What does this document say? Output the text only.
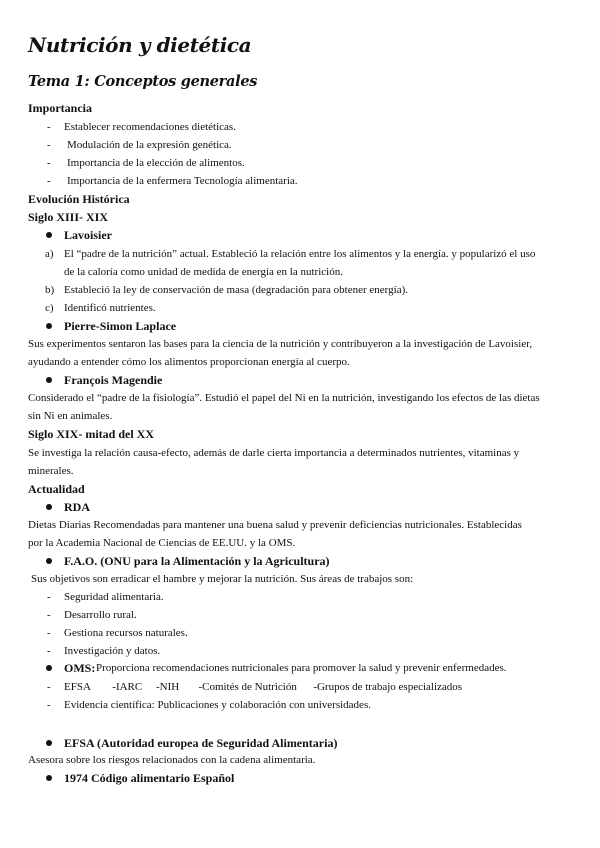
Nutrición y dietética
Tema 1: Conceptos generales
Importancia
- Establecer recomendaciones dietéticas.
- Modulación de la expresión genética.
- Importancia de la elección de alimentos.
- Importancia de la enfermera Tecnología alimentaria.
Evolución Histórica
Siglo XIII- XIX
Lavoisier
a) El “padre de la nutrición” actual. Estableció la relación entre los alimentos y la energía. y popularizó el uso
de la caloría como unidad de medida de energía en la nutrición.
b) Estableció la ley de conservación de masa (degradación para obtener energía).
c) Identificó nutrientes.
Pierre-Simon Laplace
Sus experimentos sentaron las bases para la ciencia de la nutrición y contribuyeron a la investigación de Lavoisier,
ayudando a entender cómo los alimentos proporcionan energía al cuerpo.
François Magendie
Considerado el “padre de la fisiología”. Estudió el papel del Ni en la nutrición, investigando los efectos de las dietas
sin Ni en animales.
Siglo XIX- mitad del XX
Se investiga la relación causa-efecto, además de darle cierta importancia a determinados nutrientes, vitaminas y
minerales.
Actualidad
RDA
Dietas Diarias Recomendadas para mantener una buena salud y prevenir deficiencias nutricionales. Establecidas
por la Academia Nacional de Ciencias de EE.UU. y la OMS.
F.A.O. (ONU para la Alimentación y la Agricultura)
Sus objetivos son erradicar el hambre y mejorar la nutrición. Sus áreas de trabajos son:
- Seguridad alimentaria.
- Desarrollo rural.
- Gestiona recursos naturales.
- Investigación y datos.
OMS: Proporciona recomendaciones nutricionales para promover la salud y prevenir enfermedades.
- EFSA        -IARC     -NIH       -Comités de Nutrición      -Grupos de trabajo especializados
- Evidencia científica: Publicaciones y colaboración con universidades.
EFSA (Autoridad europea de Seguridad Alimentaria)
Asesora sobre los riesgos relacionados con la cadena alimentaria.
1974 Código alimentario Español
